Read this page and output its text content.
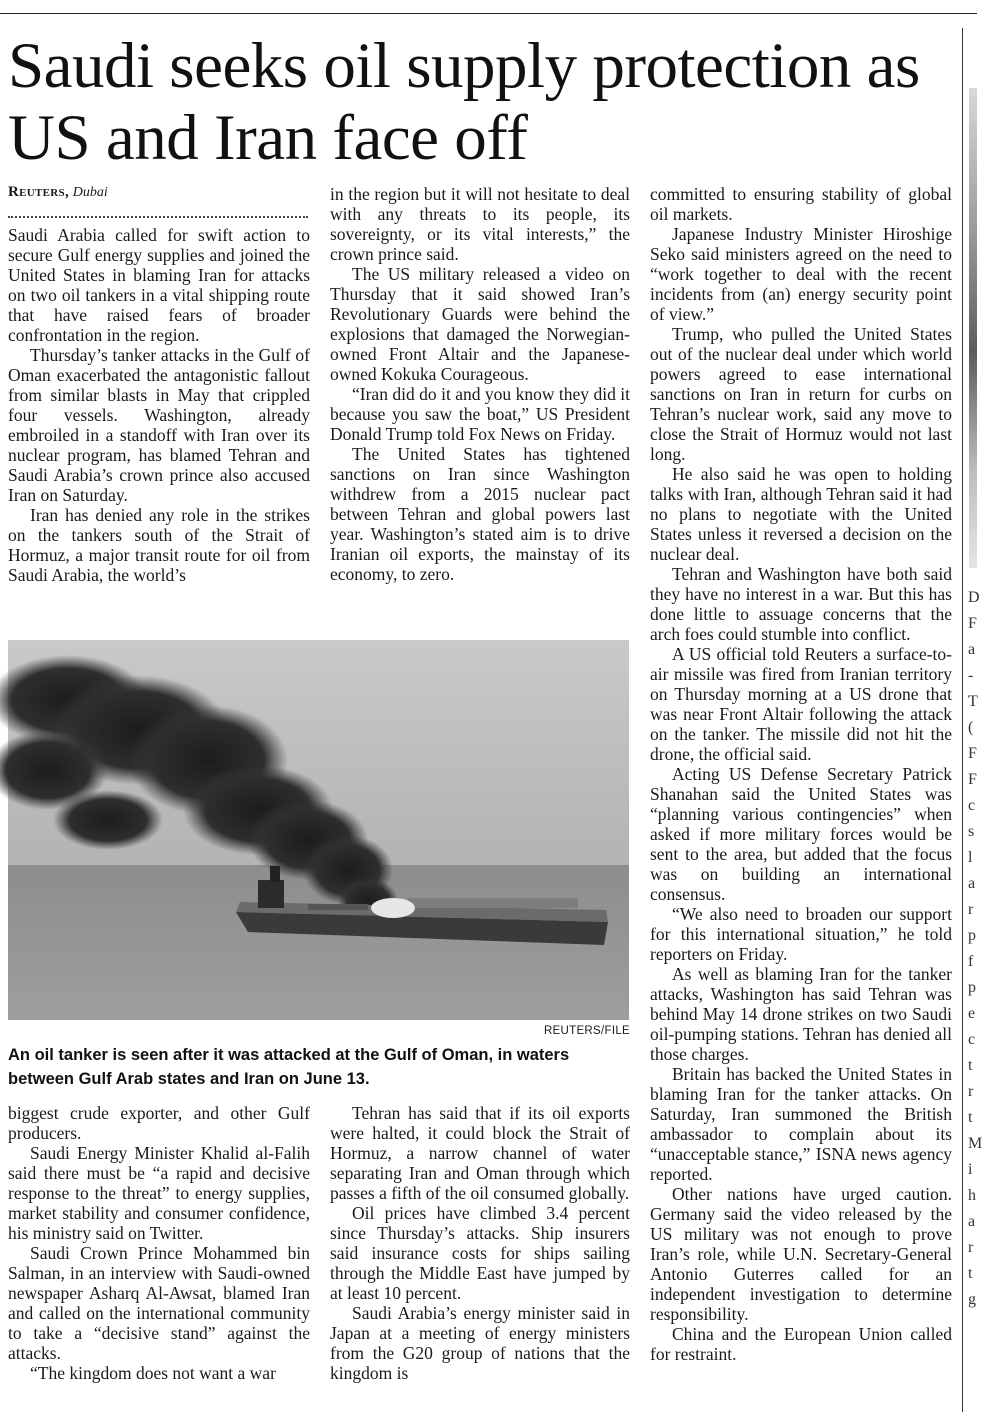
Saudi seeks oil supply protection as US and Iran face off
Reuters, Dubai

Saudi Arabia called for swift action to secure Gulf energy supplies and joined the United States in blaming Iran for attacks on two oil tankers in a vital shipping route that have raised fears of broader confrontation in the region.

Thursday’s tanker attacks in the Gulf of Oman exacerbated the antagonistic fallout from similar blasts in May that crippled four vessels. Washington, already embroiled in a standoff with Iran over its nuclear program, has blamed Tehran and Saudi Arabia’s crown prince also accused Iran on Saturday.

Iran has denied any role in the strikes on the tankers south of the Strait of Hormuz, a major transit route for oil from Saudi Arabia, the world’s

in the region but it will not hesitate to deal with any threats to its people, its sovereignty, or its vital interests,” the crown prince said.

The US military released a video on Thursday that it said showed Iran’s Revolutionary Guards were behind the explosions that damaged the Norwegian-owned Front Altair and the Japanese-owned Kokuka Courageous.

“Iran did do it and you know they did it because you saw the boat,” US President Donald Trump told Fox News on Friday.

The United States has tightened sanctions on Iran since Washington withdrew from a 2015 nuclear pact between Tehran and global powers last year. Washington’s stated aim is to drive Iranian oil exports, the mainstay of its economy, to zero.

committed to ensuring stability of global oil markets.

Japanese Industry Minister Hiroshige Seko said ministers agreed on the need to “work together to deal with the recent incidents from (an) energy security point of view.”

Trump, who pulled the United States out of the nuclear deal under which world powers agreed to ease international sanctions on Iran in return for curbs on Tehran’s nuclear work, said any move to close the Strait of Hormuz would not last long.

He also said he was open to holding talks with Iran, although Tehran said it had no plans to negotiate with the United States unless it reversed a decision on the nuclear deal.

Tehran and Washington have both said they have no interest in a war. But this has done little to assuage concerns that the arch foes could stumble into conflict.

A US official told Reuters a surface-to-air missile was fired from Iranian territory on Thursday morning at a US drone that was near Front Altair following the attack on the tanker. The missile did not hit the drone, the official said.

Acting US Defense Secretary Patrick Shanahan said the United States was “planning various contingencies” when asked if more military forces would be sent to the area, but added that the focus was on building an international consensus.

“We also need to broaden our support for this international situation,” he told reporters on Friday.

As well as blaming Iran for the tanker attacks, Washington has said Tehran was behind May 14 drone strikes on two Saudi oil-pumping stations. Tehran has denied all those charges.

Britain has backed the United States in blaming Iran for the tanker attacks. On Saturday, Iran summoned the British ambassador to complain about its “unacceptable stance,” ISNA news agency reported.

Other nations have urged caution. Germany said the video released by the US military was not enough to prove Iran’s role, while U.N. Secretary-General Antonio Guterres called for an independent investigation to determine responsibility.

China and the European Union called for restraint.

REUTERS/FILE
An oil tanker is seen after it was attacked at the Gulf of Oman, in waters between Gulf Arab states and Iran on June 13.

biggest crude exporter, and other Gulf producers.

Saudi Energy Minister Khalid al-Falih said there must be “a rapid and decisive response to the threat” to energy supplies, market stability and consumer confidence, his ministry said on Twitter.

Saudi Crown Prince Mohammed bin Salman, in an interview with Saudi-owned newspaper Asharq Al-Awsat, blamed Iran and called on the international community to take a “decisive stand” against the attacks.

“The kingdom does not want a war

Tehran has said that if its oil exports were halted, it could block the Strait of Hormuz, a narrow channel of water separating Iran and Oman through which passes a fifth of the oil consumed globally.

Oil prices have climbed 3.4 percent since Thursday’s attacks. Ship insurers said insurance costs for ships sailing through the Middle East have jumped by at least 10 percent.

Saudi Arabia’s energy minister said in Japan at a meeting of energy ministers from the G20 group of nations that the kingdom is

D
F
a
-
T
(
F
F
c
s
l
a
r
p
f
p
e
c
t
r
t
M
i
h
a
r
t
g
